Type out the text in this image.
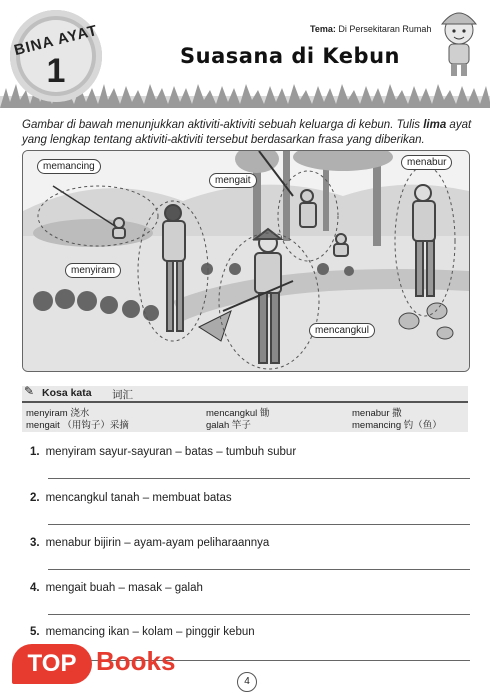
BINA AYAT
1
Tema: Di Persekitaran Rumah
Suasana di Kebun
Gambar di bawah menunjukkan aktiviti-aktiviti sebuah keluarga di kebun. Tulis lima ayat yang lengkap tentang aktiviti-aktiviti tersebut berdasarkan frasa yang diberikan.
memancing
mengait
menabur
menyiram
mencangkul
✎ Kosa kata 词汇
menyiram 浇水
mengait （用钩子）采摘
mencangkul 锄
galah 竿子
menabur 撒
memancing 钓（鱼）
1. menyiram sayur-sayuran – batas – tumbuh subur
2. mencangkul tanah – membuat batas
3. menabur bijirin – ayam-ayam peliharaannya
4. mengait buah – masak – galah
5. memancing ikan – kolam – pinggir kebun
TOP Books
4
